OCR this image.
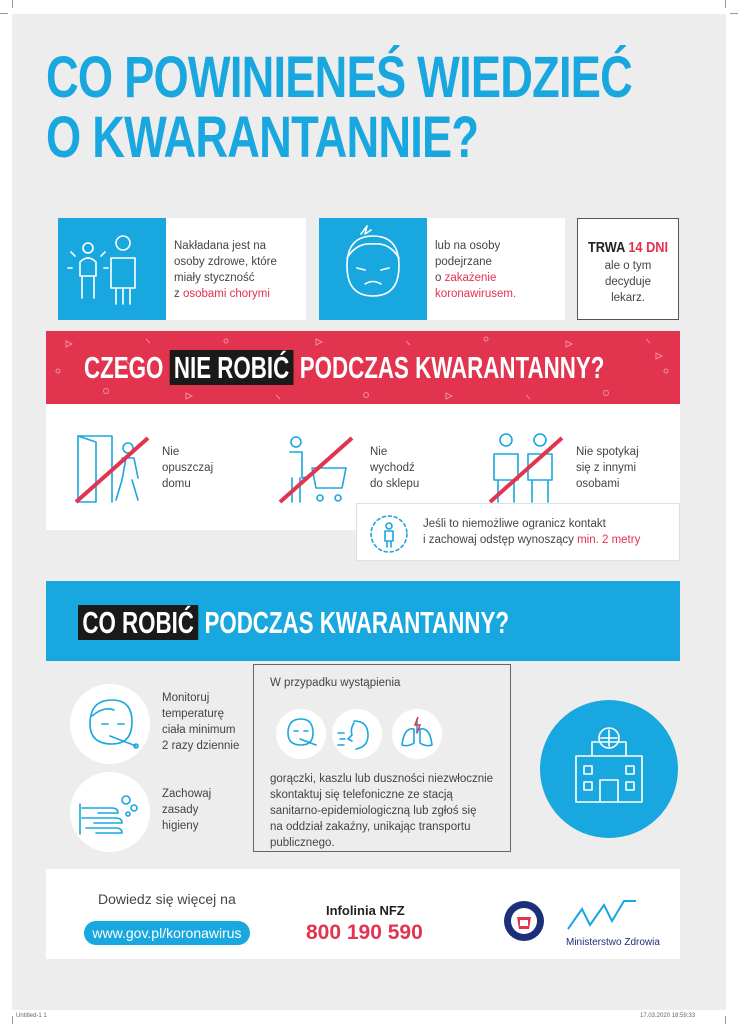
CO POWINIENEŚ WIEDZIEĆ
O KWARANTANNIE?
Nakładana jest na
osoby zdrowe, które
miały styczność
z osobami chorymi
lub na osoby
podejrzane
o zakażenie
koronawirusem.
TRWA 14 DNI
ale o tym
decyduje
lekarz.
CZEGO NIE ROBIĆ PODCZAS KWARANTANNY?
Nie
opuszczaj
domu
Nie
wychodź
do sklepu
Nie spotykaj
się z innymi
osobami
Jeśli to niemożliwe ogranicz kontakt
i zachowaj odstęp wynoszący min. 2 metry
CO ROBIĆ PODCZAS KWARANTANNY?
Monitoruj
temperaturę
ciała minimum
2 razy dziennie
Zachowaj
zasady
higieny
W przypadku wystąpienia
gorączki, kaszlu lub duszności niezwłocznie
skontaktuj się telefoniczne ze stacją
sanitarno-epidemiologiczną lub zgłoś się
na oddział zakaźny, unikając transportu
publicznego.
Dowiedz się więcej na
www.gov.pl/koronawirus
Infolinia NFZ
800 190 590	Ministerstwo Zdrowia
Untitled-1 1	17.03.2020 18:59:33
